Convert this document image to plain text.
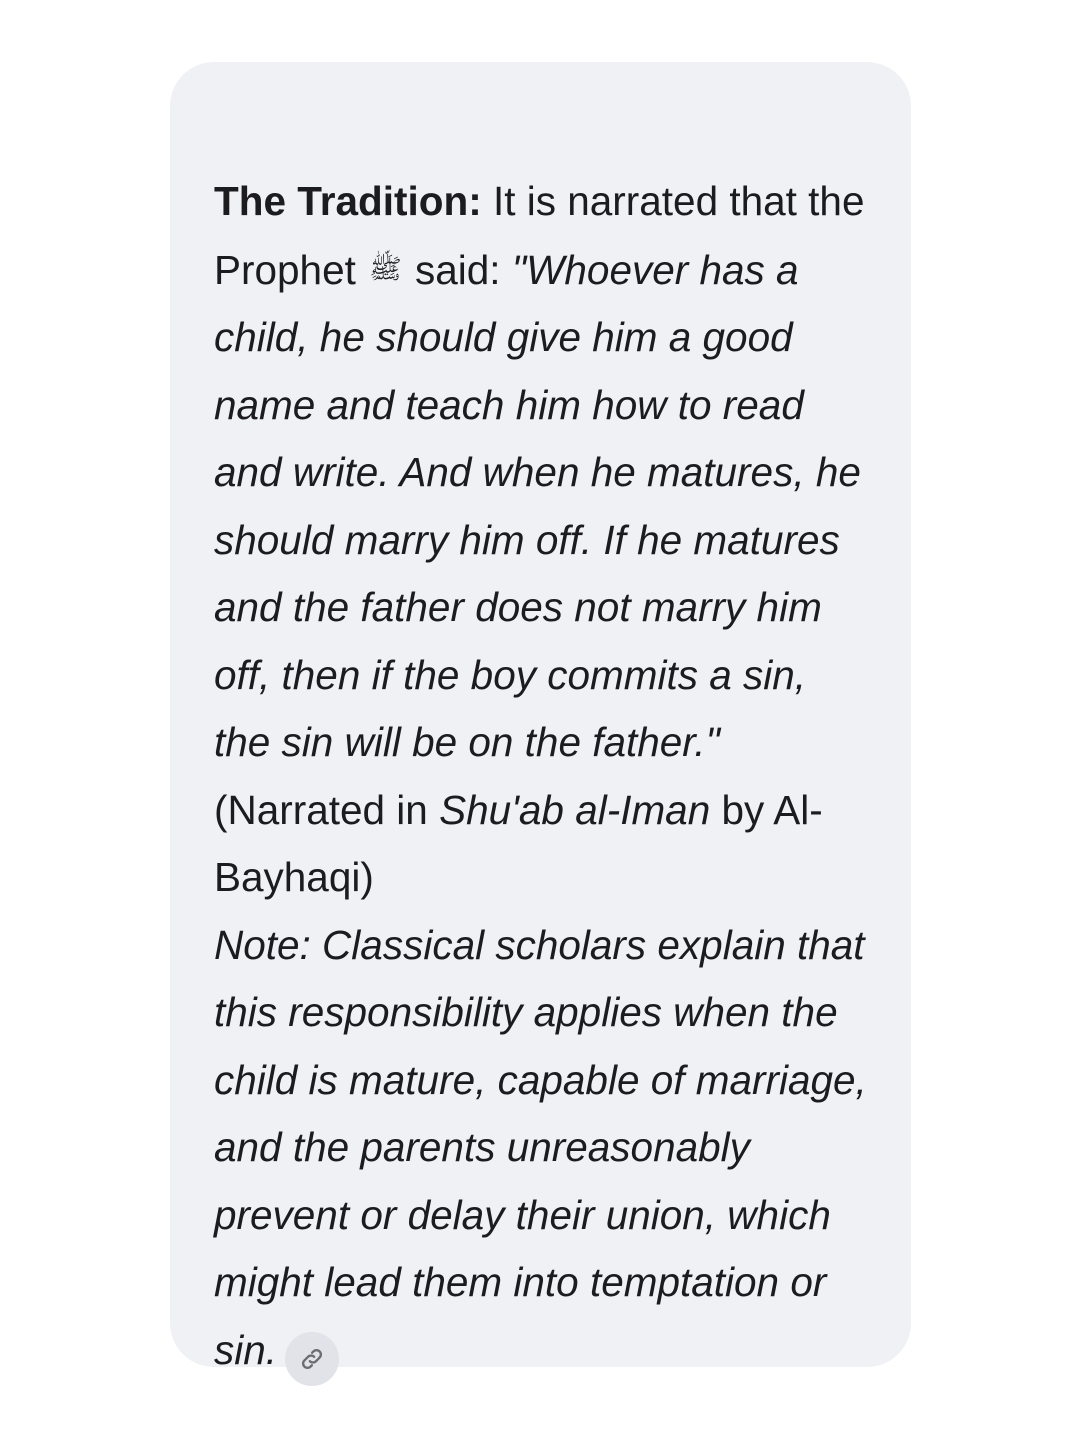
The Tradition: It is narrated that the Prophet ﷺ said: "Whoever has a child, he should give him a good name and teach him how to read and write. And when he matures, he should marry him off. If he matures and the father does not marry him off, then if the boy commits a sin, the sin will be on the father." (Narrated in Shu'ab al-Iman by Al-Bayhaqi)
Note: Classical scholars explain that this responsibility applies when the child is mature, capable of marriage, and the parents unreasonably prevent or delay their union, which might lead them into temptation or sin.
